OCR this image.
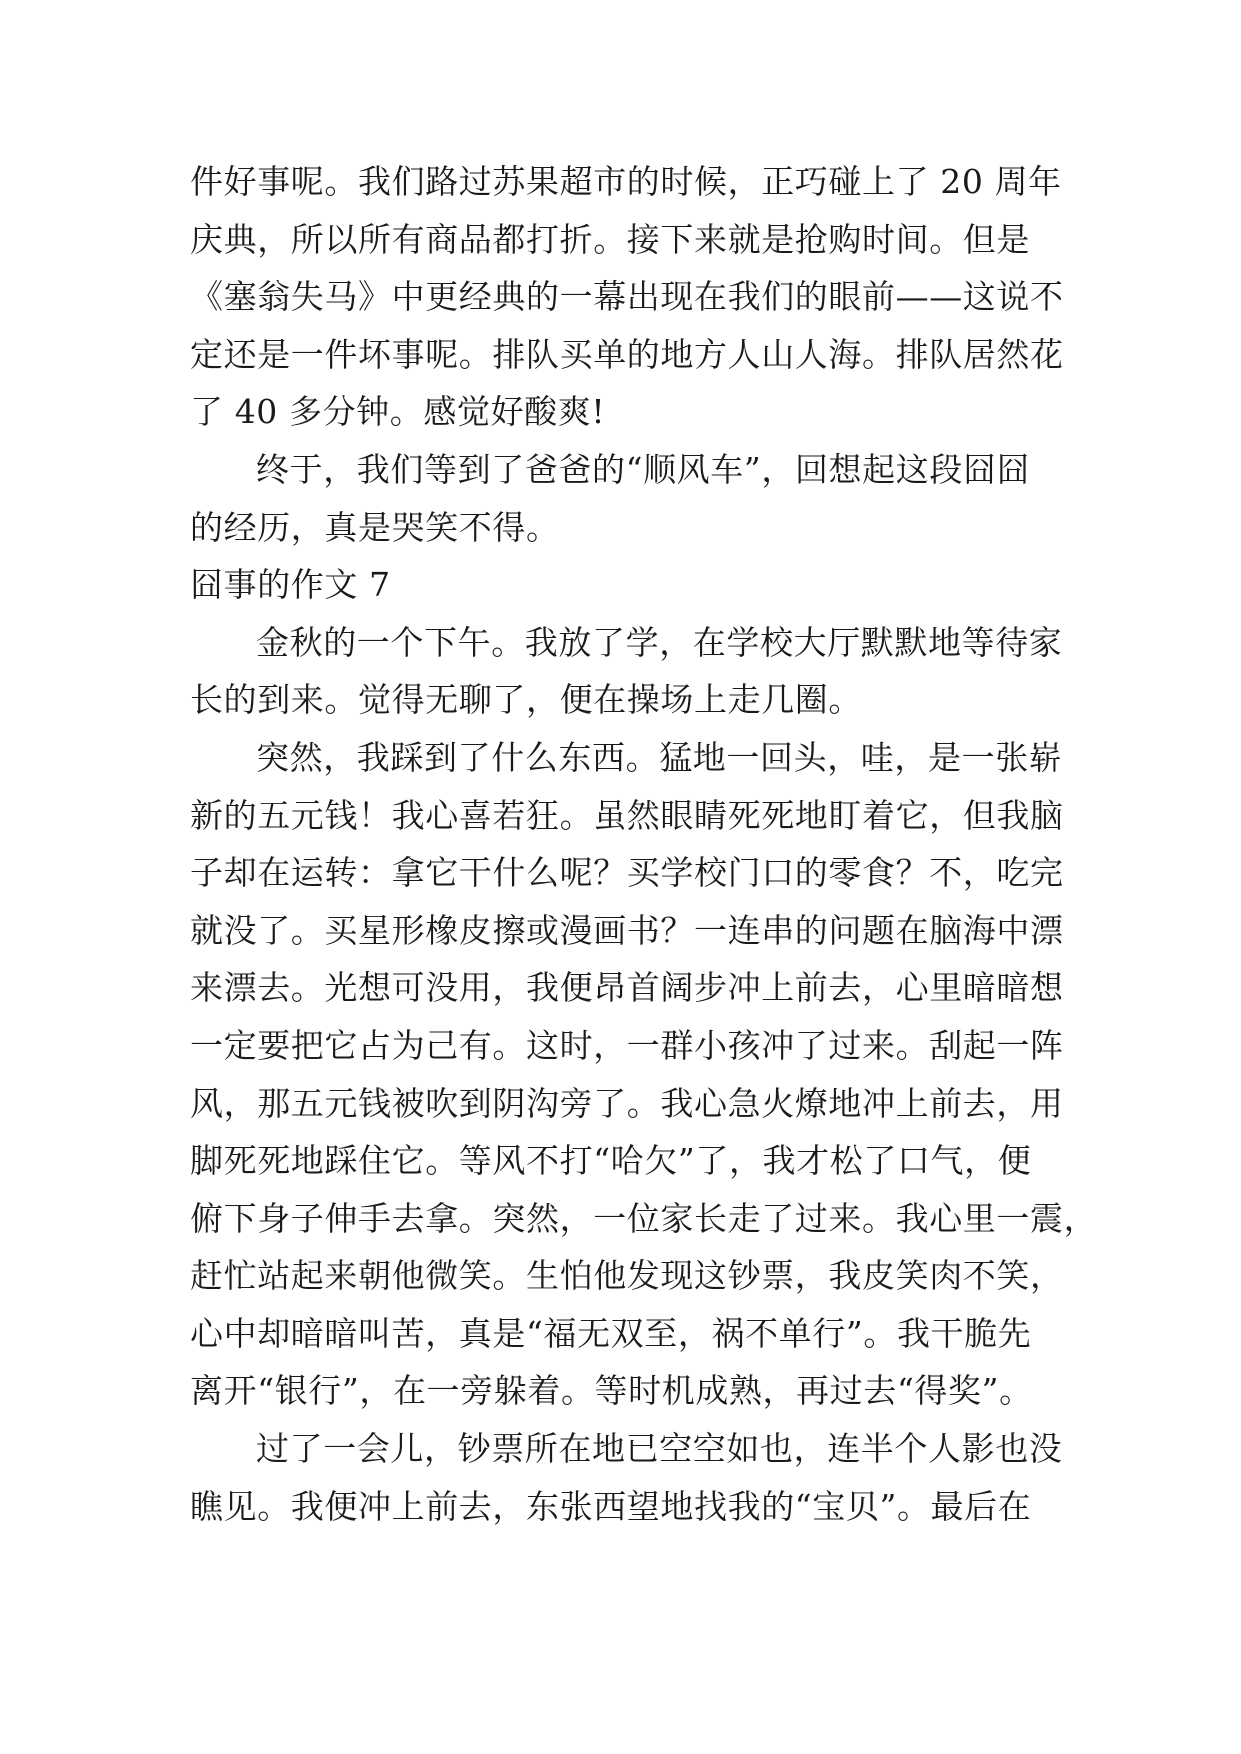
件好事呢。我们路过苏果超市的时候，正巧碰上了 20 周年
庆典，所以所有商品都打折。接下来就是抢购时间。但是
《塞翁失马》中更经典的一幕出现在我们的眼前——这说不
定还是一件坏事呢。排队买单的地方人山人海。排队居然花
了 40 多分钟。感觉好酸爽!
终于，我们等到了爸爸的“顺风车”，回想起这段囧囧
的经历，真是哭笑不得。
囧事的作文 7
金秋的一个下午。我放了学，在学校大厅默默地等待家
长的到来。觉得无聊了，便在操场上走几圈。
突然，我踩到了什么东西。猛地一回头，哇，是一张崭
新的五元钱！我心喜若狂。虽然眼睛死死地盯着它，但我脑
子却在运转：拿它干什么呢？买学校门口的零食？不，吃完
就没了。买星形橡皮擦或漫画书？一连串的问题在脑海中漂
来漂去。光想可没用，我便昂首阔步冲上前去，心里暗暗想
一定要把它占为己有。这时，一群小孩冲了过来。刮起一阵
风，那五元钱被吹到阴沟旁了。我心急火燎地冲上前去，用
脚死死地踩住它。等风不打“哈欠”了，我才松了口气，便
俯下身子伸手去拿。突然，一位家长走了过来。我心里一震，
赶忙站起来朝他微笑。生怕他发现这钞票，我皮笑肉不笑，
心中却暗暗叫苦，真是“福无双至，祸不单行”。我干脆先
离开“银行”，在一旁躲着。等时机成熟，再过去“得奖”。
过了一会儿，钞票所在地已空空如也，连半个人影也没
瞧见。我便冲上前去，东张西望地找我的“宝贝”。最后在
